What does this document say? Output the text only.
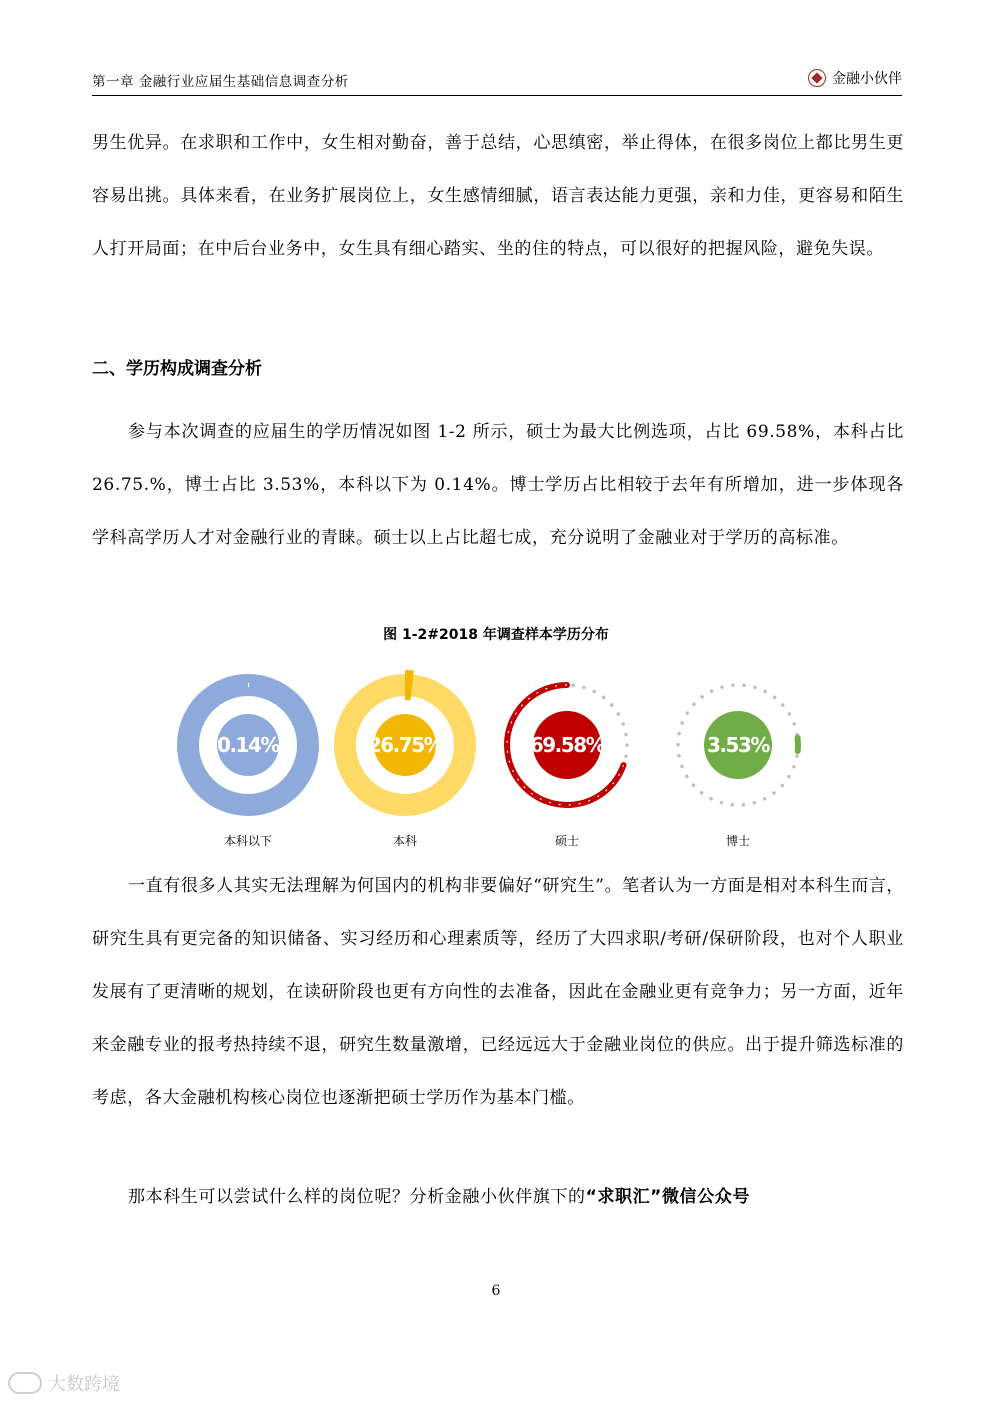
第一章 金融行业应届生基础信息调查分析	金融小伙伴

男生优异。在求职和工作中，女生相对勤奋，善于总结，心思缜密，举止得体，在很多岗位上都比男生更容易出挑。具体来看，在业务扩展岗位上，女生感情细腻，语言表达能力更强，亲和力佳，更容易和陌生人打开局面；在中后台业务中，女生具有细心踏实、坐的住的特点，可以很好的把握风险，避免失误。

二、学历构成调查分析

参与本次调查的应届生的学历情况如图 1-2 所示，硕士为最大比例选项，占比 69.58%，本科占比 26.75.%，博士占比 3.53%，本科以下为 0.14%。博士学历占比相较于去年有所增加，进一步体现各学科高学历人才对金融行业的青睐。硕士以上占比超七成，充分说明了金融业对于学历的高标准。

图 1-2#2018 年调查样本学历分布
0.14%	26.75%	69.58%	3.53%
本科以下	本科	硕士	博士

一直有很多人其实无法理解为何国内的机构非要偏好“研究生”。笔者认为一方面是相对本科生而言，研究生具有更完备的知识储备、实习经历和心理素质等，经历了大四求职/考研/保研阶段，也对个人职业发展有了更清晰的规划，在读研阶段也更有方向性的去准备，因此在金融业更有竞争力；另一方面，近年来金融专业的报考热持续不退，研究生数量激增，已经远远大于金融业岗位的供应。出于提升筛选标准的考虑，各大金融机构核心岗位也逐渐把硕士学历作为基本门槛。

那本科生可以尝试什么样的岗位呢？分析金融小伙伴旗下的“求职汇”微信公众号

6
大数跨境
